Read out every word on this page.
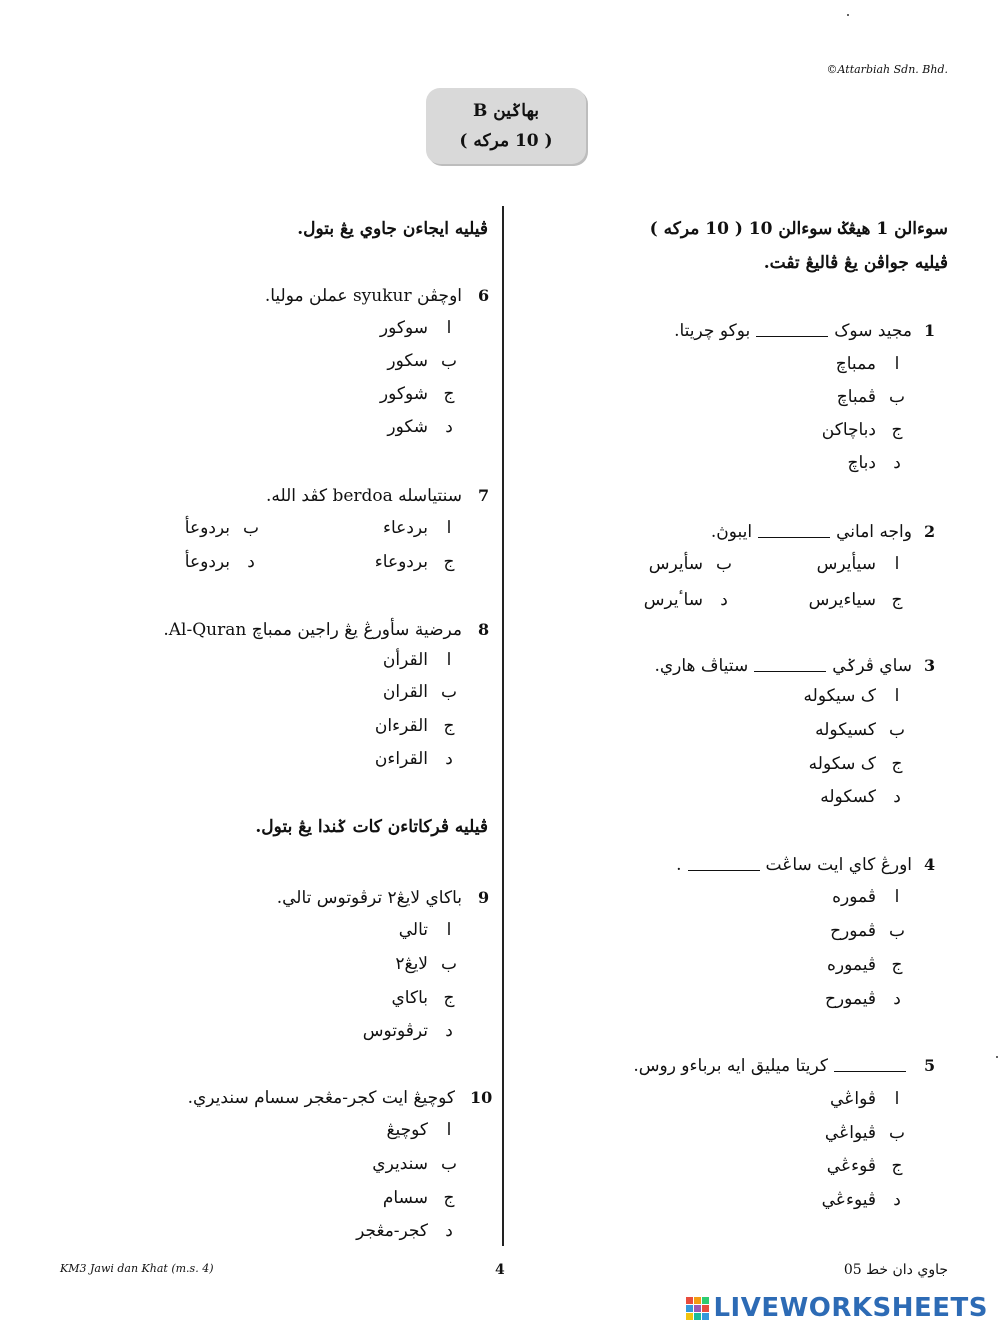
©Attarbiah Sdn. Bhd.
بهاݢين B
( 10 مركه )
سوءالن 1 هيڠݢ سوءالن 10 ( 10 مركه )
ڤيليه جواڤن يڠ ڤاليڠ تڤت.
1
مجيد سوکبوکو چريتا.
اممباچ
بڤمباچ
جدباچاکن
ددباچ
2
واجه امانيايبوڽ.
اسيأيرس
بسأيرس
جسياءيرس
دساٴيرس
3
ساي ڤرݢيستياڤ هاري.
اک سيکوله
بکسيکوله
جک سکوله
دکسکوله
4
اورڠ کاي ايت ساڠت.
اڤموره
بڤمورح
جڤيموره
دڤيمورح
5
کريتا ميليق ايه برباءو روس.
اڤواڠي
بڤيواڠي
جڤوءڠي
دڤيوءڠي
ڤيليه ايجاءن جاوي يڠ بتول.
6
اوچڤن syukur عملن موليا.
اسوکور
بسکور
جشوکور
دشکور
7
سنتياسله berdoa کڤد الله.
ابردعاء
ببردوعأ
جبردوعاء
دبردوعأ
8
مرضية سأورڠ يڠ راجين ممباچ Al-Quran.
االقرأن
بالقران
جالقرءان
دالقراءن
ڤيليه ڤرکاتاءن کات ݢندا يڠ بتول.
9
باکاي لايڠ٢ ترڤوتوس تالي.
اتالي
بلايڠ٢
جباکاي
دترڤوتوس
10
کوچيڠ ايت کجر-مڠجر سسام سنديري.
اکوچيڠ
بسنديري
جسسام
دکجر-مڠجر
KM3 Jawi dan Khat (m.s. 4)	4	جاوي دان خط 05
LIVEWORKSHEETS
